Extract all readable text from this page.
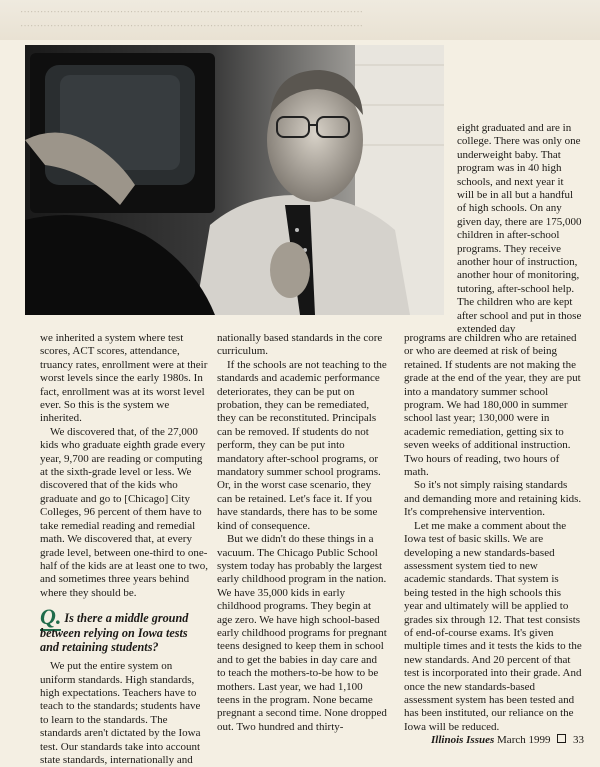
·······································································································
·······································································································

eight graduated and are in college. There was only one underweight baby. That program was in 40 high schools, and next year it will be in all but a handful of high schools. On any given day, there are 175,000 children in after-school programs. They receive another hour of instruction, another hour of monitoring, tutoring, after-school help. The children who are kept after school and put in those extended day

we inherited a system where test scores, ACT scores, attendance, truancy rates, enrollment were at their worst levels since the early 1980s. In fact, enrollment was at its worst level ever. So this is the system we inherited.

We discovered that, of the 27,000 kids who graduate eighth grade every year, 9,700 are reading or computing at the sixth-grade level or less. We discovered that of the kids who graduate and go to [Chicago] City Colleges, 96 percent of them have to take remedial reading and remedial math. We discovered that, at every grade level, between one-third to one-half of the kids are at least one to two, and sometimes three years behind where they should be.

Q. Is there a middle ground between relying on Iowa tests and retaining students?

We put the entire system on uniform standards. High standards, high expectations. Teachers have to teach to the standards; students have to learn to the standards. The standards aren't dictated by the Iowa test. Our standards take into account state standards, internationally and

nationally based standards in the core curriculum.

If the schools are not teaching to the standards and academic performance deteriorates, they can be put on probation, they can be remediated, they can be reconstituted. Principals can be removed. If students do not perform, they can be put into mandatory after-school programs, or mandatory summer school programs. Or, in the worst case scenario, they can be retained. Let's face it. If you have standards, there has to be some kind of consequence.

But we didn't do these things in a vacuum. The Chicago Public School system today has probably the largest early childhood program in the nation. We have 35,000 kids in early childhood programs. They begin at age zero. We have high school-based early childhood programs for pregnant teens designed to keep them in school and to get the babies in day care and to teach the mothers-to-be how to be mothers. Last year, we had 1,100 teens in the program. None became pregnant a second time. None dropped out. Two hundred and thirty-

programs are children who are retained or who are deemed at risk of being retained. If students are not making the grade at the end of the year, they are put into a mandatory summer school program. We had 180,000 in summer school last year; 130,000 were in academic remediation, getting six to seven weeks of additional instruction. Two hours of reading, two hours of math.

So it's not simply raising standards and demanding more and retaining kids. It's comprehensive intervention.

Let me make a comment about the Iowa test of basic skills. We are developing a new standards-based assessment system tied to new academic standards. That system is being tested in the high schools this year and ultimately will be applied to grades six through 12. That test consists of end-of-course exams. It's given multiple times and it tests the kids to the new standards. And 20 percent of that test is incorporated into their grade. And once the new standards-based assessment system has been tested and has been instituted, our reliance on the Iowa will be reduced.

Illinois Issues March 1999 33
